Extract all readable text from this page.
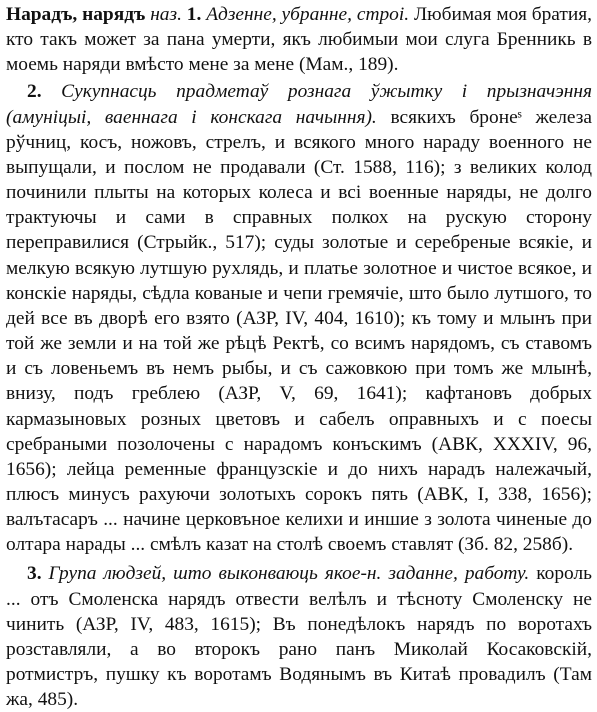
Нарадъ, нарядъ наз. 1. Адзенне, убранне, строі. Любимая моя братия, кто такъ может за пана умерти, якъ любимыи мои слуга Бренникь в моемь наряди вмѣсто мене за мене (Мам., 189).

2. Сукупнасць прадметаў рознага ўжытку і прызначэння (амуніцыі, ваеннага і конскага начыння). всякихъ бронеˢ железа рўчниц, косъ, ножовъ, стрелъ, и всякого много нараду военного не выпущали, и послом не продавали (Ст. 1588, 116); з великих колод починили плыты на которых колеса и всi военные наряды, не долго трактуючы и сами в справных полкох на рускую сторону переправилися (Стрыйк., 517); суды золотые и серебреные всякiе, и мелкую всякую лутшую рухлядь, и платье золотное и чистое всякое, и конскiе наряды, сѣдла кованые и чепи гремячiе, што было лутшого, то дей все въ дворѣ его взято (АЗР, IV, 404, 1610); къ тому и млынъ при той же земли и на той же рѣцѣ Ректѣ, со всимъ нарядомъ, съ ставомъ и съ ловеньемъ въ немъ рыбы, и съ сажовкою при томъ же млынѣ, внизу, подъ греблею (АЗР, V, 69, 1641); кафтановъ добрых кармазыновых розных цветовъ и сабелъ оправныхъ и с поесы сребраными позолочены с нарадомъ конъскимъ (АВК, XXXIV, 96, 1656); лейца ременные французскiе и до нихъ нарадъ належачый, плюсъ минусъ рахуючи золотыхъ сорокъ пять (АВК, I, 338, 1656); валътасаръ ... начине церковъное келихи и иншие з золота чиненые до олтара нарады ... смѣлъ казат на столѣ своемъ ставлят (Зб. 82, 258б).

3. Група людзей, што выконваюць якое-н. заданне, работу. король ... отъ Смоленска нарядъ отвести велѣлъ и тѣсноту Смоленску не чинить (АЗР, IV, 483, 1615); Въ понедѣлокъ нарядъ по воротахъ розставляли, а во второкъ рано панъ Миколай Косаковскiй, ротмистръ, пушку къ воротамъ Водянымъ въ Китаѣ провадилъ (Там жа, 485).
